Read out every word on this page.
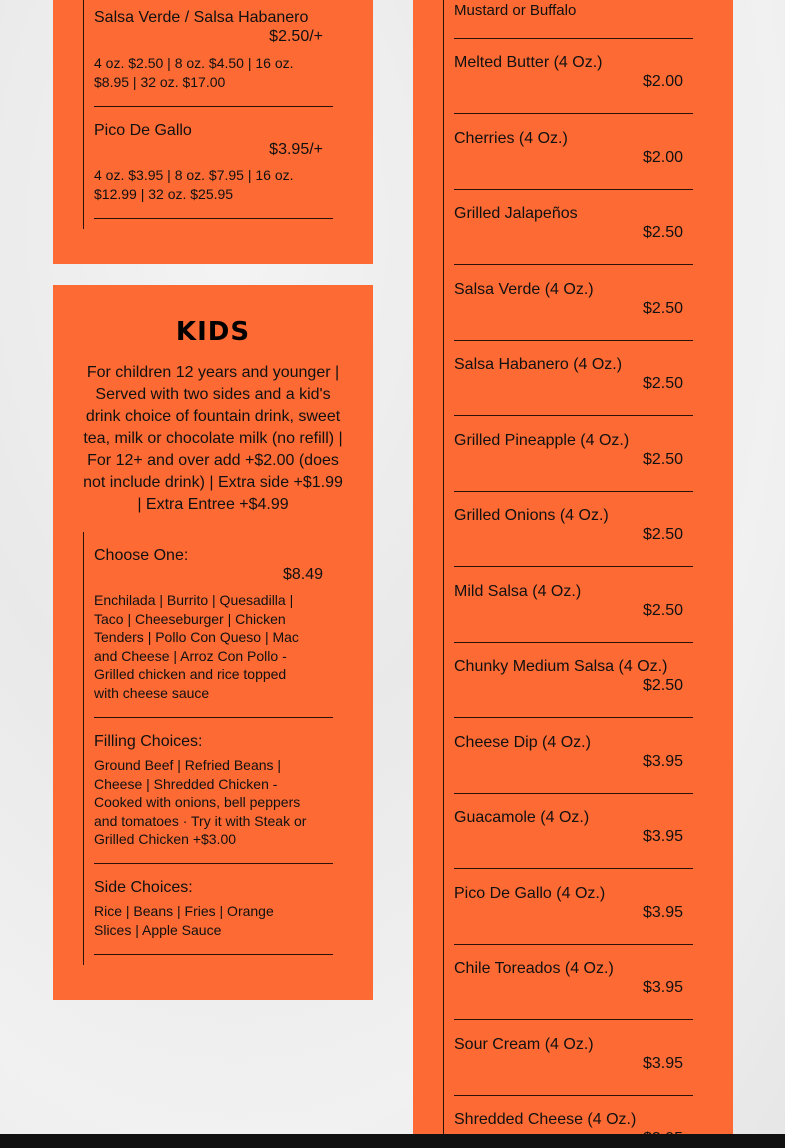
Salsa Verde / Salsa Habanero
$2.50/+
4 oz. $2.50 | 8 oz. $4.50 | 16 oz. $8.95 | 32 oz. $17.00
Pico De Gallo
$3.95/+
4 oz. $3.95 | 8 oz. $7.95 | 16 oz. $12.99 | 32 oz. $25.95
KIDS
For children 12 years and younger | Served with two sides and a kid's drink choice of fountain drink, sweet tea, milk or chocolate milk (no refill) | For 12+ and over add +$2.00 (does not include drink) | Extra side +$1.99 | Extra Entree +$4.99
Choose One:
$8.49
Enchilada | Burrito | Quesadilla | Taco | Cheeseburger | Chicken Tenders | Pollo Con Queso | Mac and Cheese | Arroz Con Pollo - Grilled chicken and rice topped with cheese sauce
Filling Choices:
Ground Beef | Refried Beans | Cheese | Shredded Chicken - Cooked with onions, bell peppers and tomatoes · Try it with Steak or Grilled Chicken +$3.00
Side Choices:
Rice | Beans | Fries | Orange Slices | Apple Sauce
Mustard or Buffalo
Melted Butter (4 Oz.)
$2.00
Cherries (4 Oz.)
$2.00
Grilled Jalapeños
$2.50
Salsa Verde (4 Oz.)
$2.50
Salsa Habanero (4 Oz.)
$2.50
Grilled Pineapple (4 Oz.)
$2.50
Grilled Onions (4 Oz.)
$2.50
Mild Salsa (4 Oz.)
$2.50
Chunky Medium Salsa (4 Oz.)
$2.50
Cheese Dip (4 Oz.)
$3.95
Guacamole (4 Oz.)
$3.95
Pico De Gallo (4 Oz.)
$3.95
Chile Toreados (4 Oz.)
$3.95
Sour Cream (4 Oz.)
$3.95
Shredded Cheese (4 Oz.)
